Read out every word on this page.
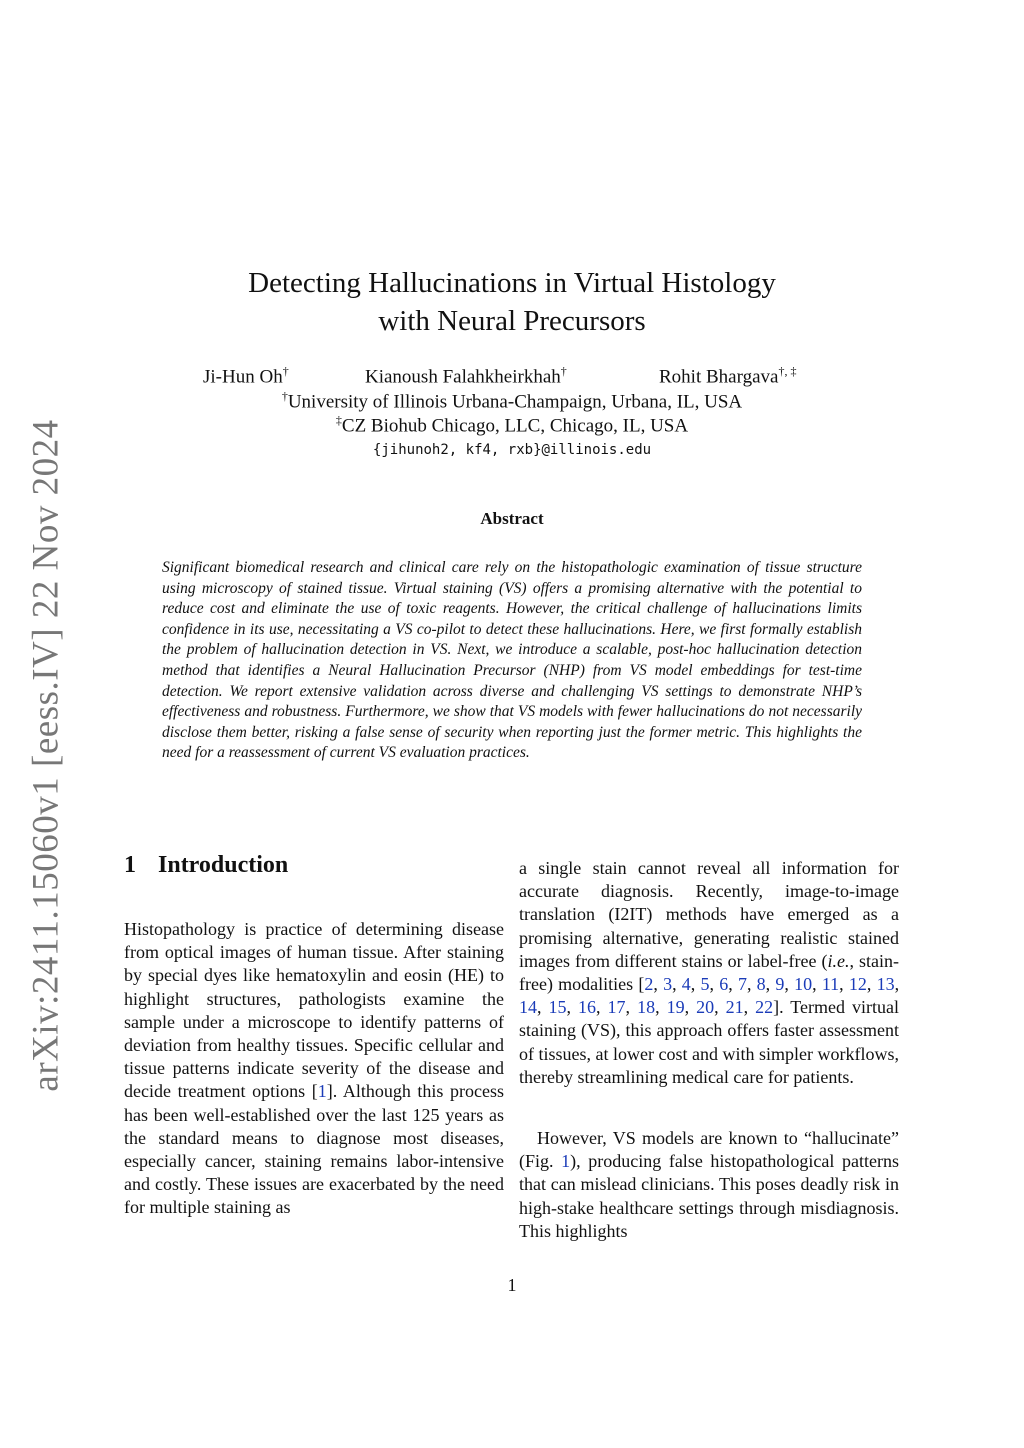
arXiv:2411.15060v1 [eess.IV] 22 Nov 2024
Detecting Hallucinations in Virtual Histology
with Neural Precursors
Ji-Hun Oh†	Kianoush Falahkheirkhah†	Rohit Bhargava†, ‡
†University of Illinois Urbana-Champaign, Urbana, IL, USA
‡CZ Biohub Chicago, LLC, Chicago, IL, USA
{jihunoh2, kf4, rxb}@illinois.edu
Abstract

Significant biomedical research and clinical care rely on the histopathologic examination of tissue structure using microscopy of stained tissue. Virtual staining (VS) offers a promising alternative with the potential to reduce cost and eliminate the use of toxic reagents. However, the critical challenge of hallucinations limits confidence in its use, necessitating a VS co-pilot to detect these hallucinations. Here, we first formally establish the problem of hallucination detection in VS. Next, we introduce a scalable, post-hoc hallucination detection method that identifies a Neural Hallucination Precursor (NHP) from VS model embeddings for test-time detection. We report extensive validation across diverse and challenging VS settings to demonstrate NHP’s effectiveness and robustness. Furthermore, we show that VS models with fewer hallucinations do not necessarily disclose them better, risking a false sense of security when reporting just the former metric. This highlights the need for a reassessment of current VS evaluation practices.

1 Introduction

Histopathology is practice of determining disease from optical images of human tissue. After staining by special dyes like hematoxylin and eosin (HE) to highlight structures, pathologists examine the sample under a microscope to identify patterns of deviation from healthy tissues. Specific cellular and tissue patterns indicate severity of the disease and decide treatment options [1]. Although this process has been well-established over the last 125 years as the standard means to diagnose most diseases, especially cancer, staining remains labor-intensive and costly. These issues are exacerbated by the need for multiple staining as

a single stain cannot reveal all information for accurate diagnosis. Recently, image-to-image translation (I2IT) methods have emerged as a promising alternative, generating realistic stained images from different stains or label-free (i.e., stain-free) modalities [2, 3, 4, 5, 6, 7, 8, 9, 10, 11, 12, 13, 14, 15, 16, 17, 18, 19, 20, 21, 22]. Termed virtual staining (VS), this approach offers faster assessment of tissues, at lower cost and with simpler workflows, thereby streamlining medical care for patients.

However, VS models are known to “hallucinate” (Fig. 1), producing false histopathological patterns that can mislead clinicians. This poses deadly risk in high-stake healthcare settings through misdiagnosis. This highlights

1
